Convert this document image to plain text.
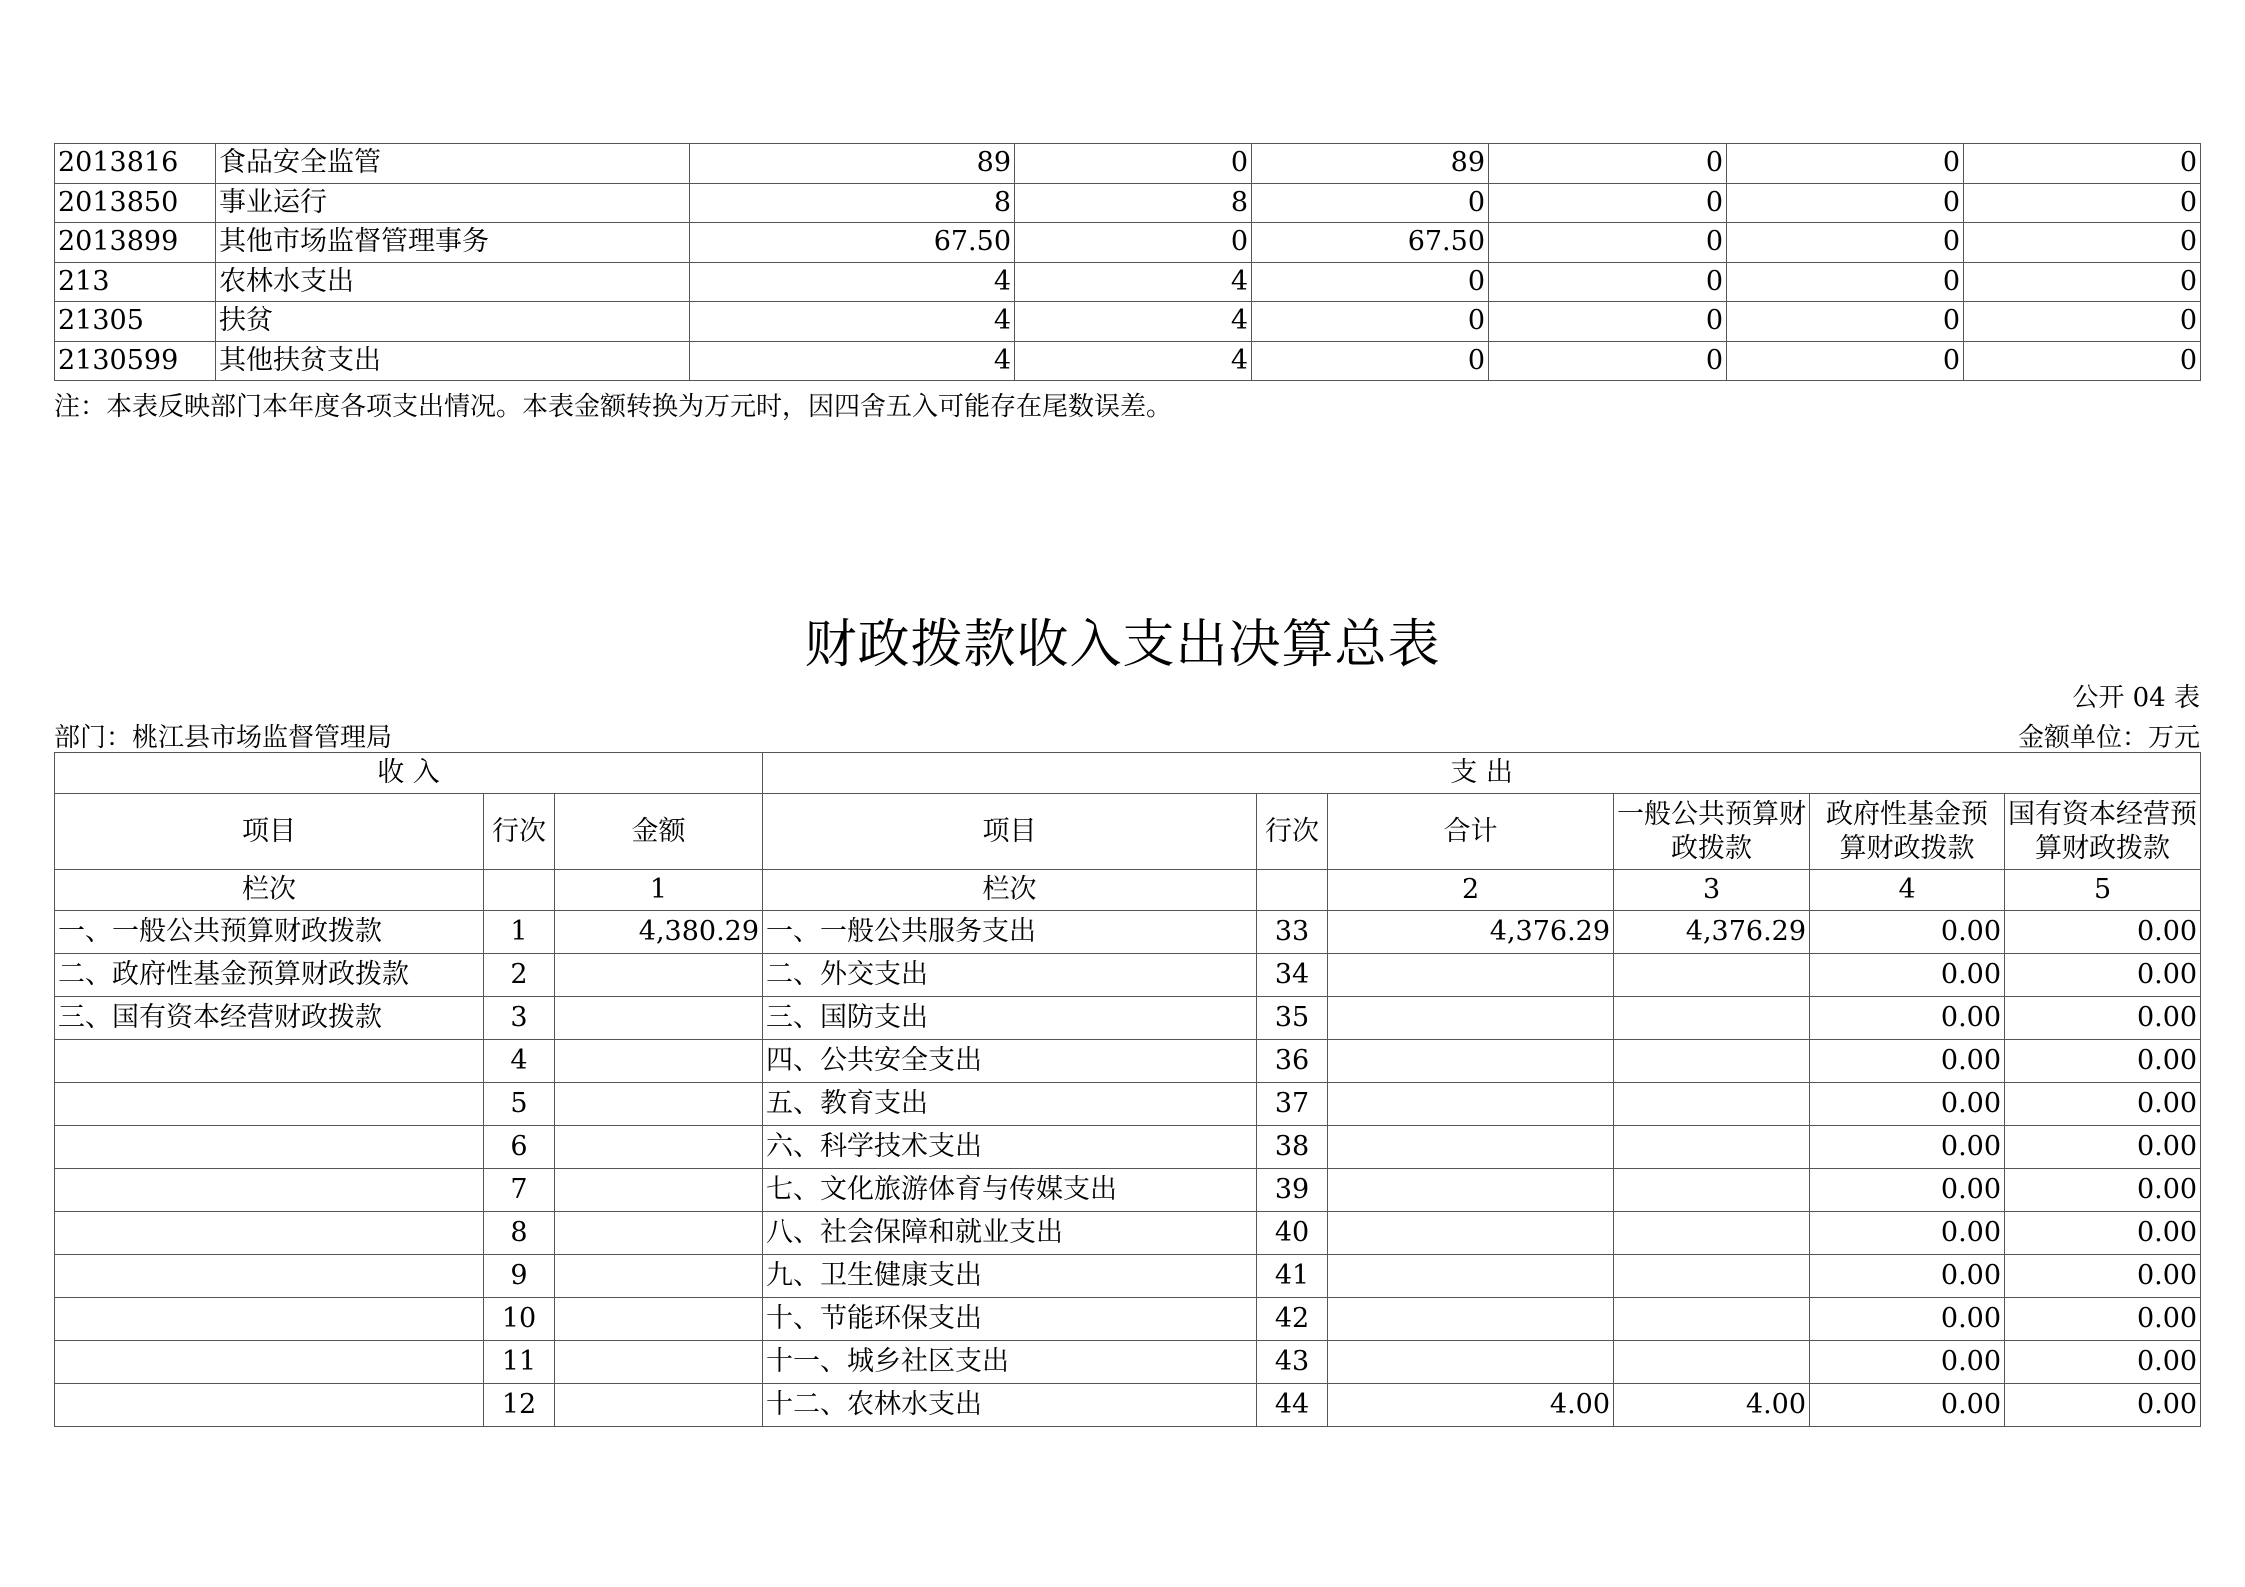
2013816	食品安全监管	89	0	89	0	0	0
2013850	事业运行	8	8	0	0	0	0
2013899	其他市场监督管理事务	67.50	0	67.50	0	0	0
213	农林水支出	4	4	0	0	0	0
21305	扶贫	4	4	0	0	0	0
2130599	其他扶贫支出	4	4	0	0	0	0
注：本表反映部门本年度各项支出情况。本表金额转换为万元时，因四舍五入可能存在尾数误差。
财政拨款收入支出决算总表
公开 04 表
部门：桃江县市场监督管理局	金额单位：万元
收 入			支 出					
项目	行次	金额	项目	行次	合计	一般公共预算财政拨款	政府性基金预算财政拨款	国有资本经营预算财政拨款
栏次		1	栏次		2	3	4	5
一、一般公共预算财政拨款	1	4,380.29	一、一般公共服务支出	33	4,376.29	4,376.29	0.00	0.00
二、政府性基金预算财政拨款	2		二、外交支出	34			0.00	0.00
三、国有资本经营财政拨款	3		三、国防支出	35			0.00	0.00
	4		四、公共安全支出	36			0.00	0.00
	5		五、教育支出	37			0.00	0.00
	6		六、科学技术支出	38			0.00	0.00
	7		七、文化旅游体育与传媒支出	39			0.00	0.00
	8		八、社会保障和就业支出	40			0.00	0.00
	9		九、卫生健康支出	41			0.00	0.00
	10		十、节能环保支出	42			0.00	0.00
	11		十一、城乡社区支出	43			0.00	0.00
	12		十二、农林水支出	44	4.00	4.00	0.00	0.00
